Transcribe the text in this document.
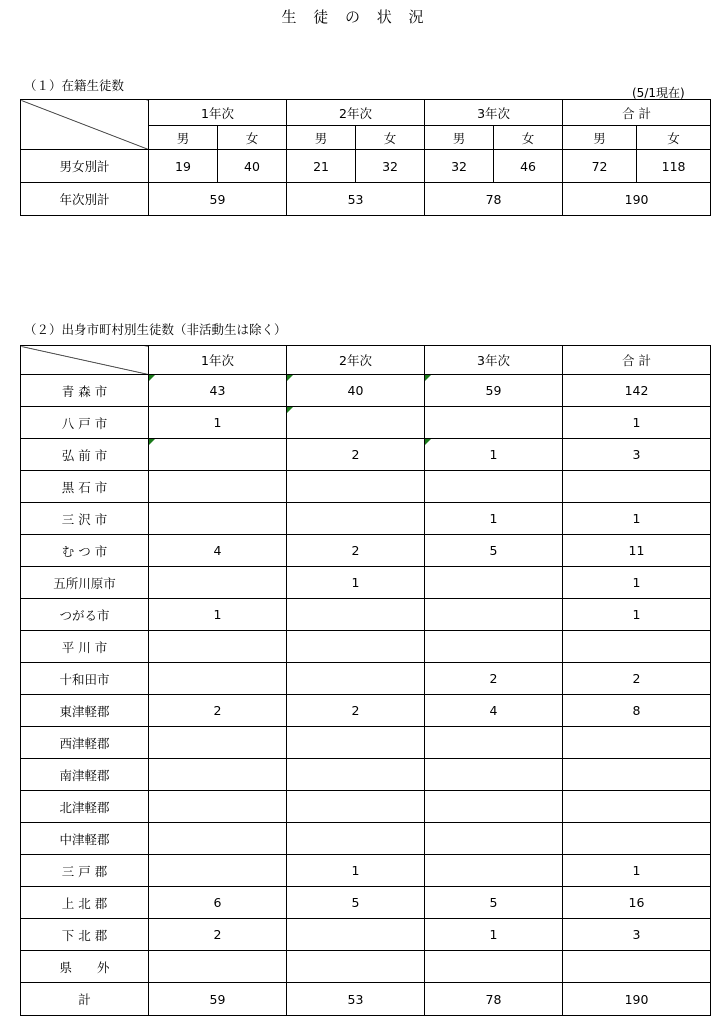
生 徒 の 状 況
（１）在籍生徒数	(5/1現在)
	1年次		2年次		3年次		合 計	
	男	女	男	女	男	女	男	女
男女別計	19	40	21	32	32	46	72	118
年次別計	59		53		78		190	
（２）出身市町村別生徒数（非活動生は除く）
	1年次	2年次	3年次	合 計
青 森 市	43	40	59	142
八 戸 市	1			1
弘 前 市		2	1	3
黒 石 市				
三 沢 市			1	1
む つ 市	4	2	5	11
五所川原市		1		1
つがる市	1			1
平 川 市				
十和田市			2	2
東津軽郡	2	2	4	8
西津軽郡				
南津軽郡				
北津軽郡				
中津軽郡				
三 戸 郡		1		1
上 北 郡	6	5	5	16
下 北 郡	2		1	3
県　　外				
計	59	53	78	190
